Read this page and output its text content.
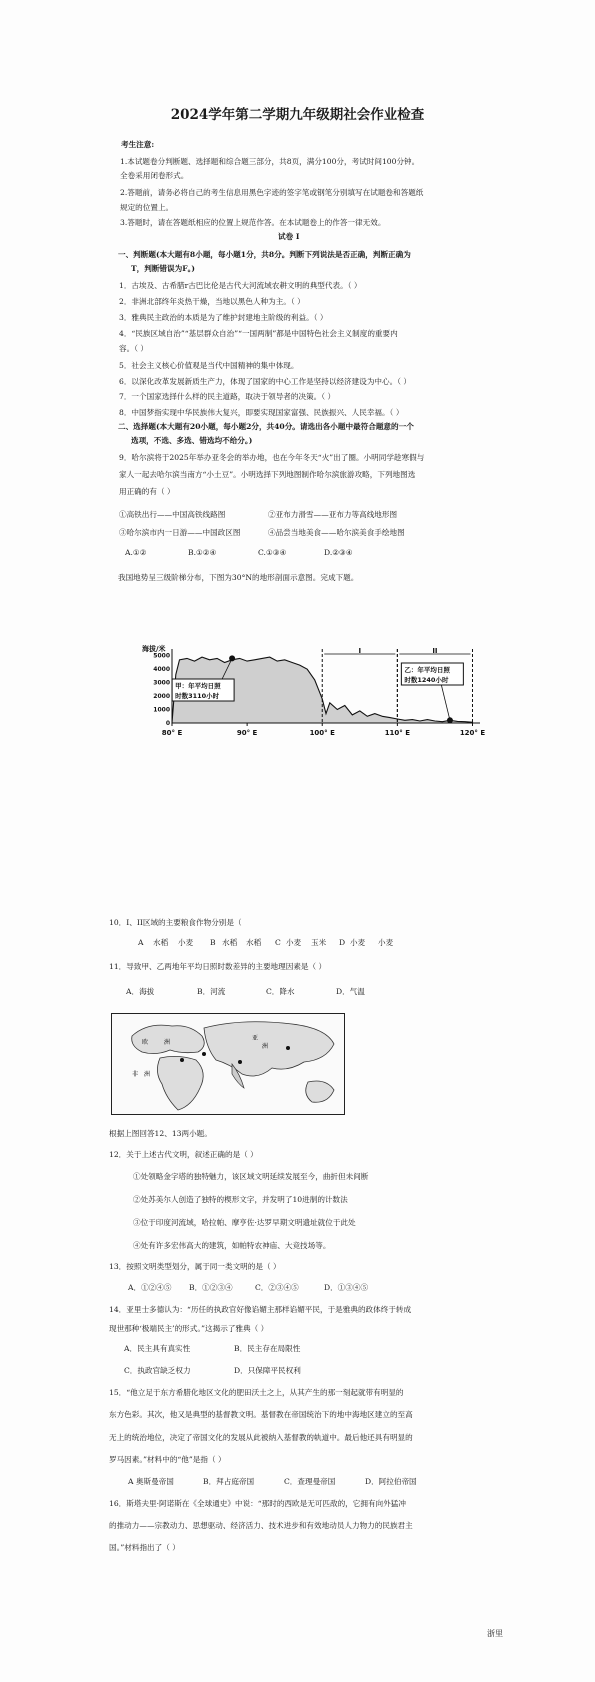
2024学年第二学期九年级期社会作业检查
考生注意:
1.本试题卷分判断题、选择题和综合题三部分，共8页，满分100分，考试时间100分钟。
全卷采用闭卷形式。
2.答题前，请务必将自己的考生信息用黑色字迹的签字笔或钢笔分别填写在试题卷和答题纸
规定的位置上。
3.答题时，请在答题纸相应的位置上规范作答。在本试题卷上的作答一律无效。
试卷 I
一、判断题(本大题有8小题，每小题1分，共8分。判断下列说法是否正确，判断正确为
T，判断错误为F。)
1．古埃及、古希腊r古巴比伦是古代大河流域农耕文明的典型代表。（ ）
2．非洲北部终年炎热干燥，当地以黑色人种为主。（ ）
3．雅典民主政治的本质是为了维护封建地主阶级的利益。（ ）
4．“民族区域自治”“基层群众自治”“一国两制”都是中国特色社会主义制度的重要内
容。（ ）
5．社会主义核心价值观是当代中国精神的集中体现。
6．以深化改革发展新质生产力，体现了国家的中心工作是坚持以经济建设为中心。（ ）
7．一个国家选择什么样的民主道路，取决于领导者的决策。（ ）
8．中国梦指实现中华民族伟大复兴，即要实现国家富强、民族振兴、人民幸福。（ ）
二、选择题(本大题有20小题，每小题2分，共40分。请选出各小题中最符合题意的一个
选项，不选、多选、错选均不给分。)
9．哈尔滨将于2025年举办亚冬会的举办地，也在今年冬天“火”出了圈。小明同学趁寒假与
家人一起去哈尔滨当南方“小土豆”。小明选择下列地图制作哈尔滨旅游攻略，下列地图选
用正确的有（ ）
①高铁出行——中国高铁线路图	②亚布力滑雪——亚布力等高线地形图
③哈尔滨市内一日游——中国政区图	④品尝当地美食——哈尔滨美食手绘地图
A.①②	B.①②④	C.①③④	D.②③④
我国地势呈三级阶梯分布，下图为30°N的地形剖面示意图。完成下题。
海拔/米
5000
4000
3000
2000
1000
0
80° E	90° E	100° E	110° E	120° E
I	II
甲：年平均日照
时数3110小时
乙：年平均日照
时数1240小时
10．I、II区域的主要粮食作物分别是（
A 水稻 小麦 B 水稻 水稻 C 小麦 玉米 D 小麦 小麦
11．导致甲、乙两地年平均日照时数差异的主要地理因素是（ ）
A．海拔	B．河流	C．降水	D．气温
欧	洲
非 洲
亚
洲
根据上图回答12、13两小题。
12．关于上述古代文明，叙述正确的是（ ）
①处领略金字塔的独特魅力，该区域文明延续发展至今，曲折但未间断
②处苏美尔人创造了独特的楔形文字，并发明了10进制的计数法
③位于印度河流域，哈拉帕、摩亨佐·达罗早期文明遗址就位于此处
④处有许多宏伟高大的建筑，如帕特农神庙、大竞技场等。
13．按照文明类型划分，属于同一类文明的是（ ）
A．①②④⑤ B．①②③④	C．②③④⑤	D．①③④⑤
14．亚里士多德认为：“历任的执政官好像谄媚主那样谄媚平民，于是雅典的政体终于转成
现世那种‘极端民主’的形式。”这揭示了雅典（ ）
A．民主具有真实性	B．民主存在局限性
C．执政官缺乏权力	D．只保障平民权利
15．“他立足于东方希腊化地区文化的肥田沃土之上，从其产生的那一刻起就带有明显的
东方色彩。其次，他又是典型的基督教文明。基督教在帝国统治下的地中海地区建立的至高
无上的统治地位，决定了帝国文化的发展从此被纳入基督教的轨道中。最后他还具有明显的
罗马因素。”材料中的“他”是指（ ）
A 奥斯曼帝国	B．拜占庭帝国	C．查理曼帝国	D．阿拉伯帝国
16．斯塔夫里·阿诺斯在《全球通史》中说：“那时的西欧是无可匹敌的，它拥有向外猛冲
的推动力——宗教动力、思想驱动、经济活力、技术进步和有效地动员人力物力的民族君主
国。”材料指出了（ ）
浙里
